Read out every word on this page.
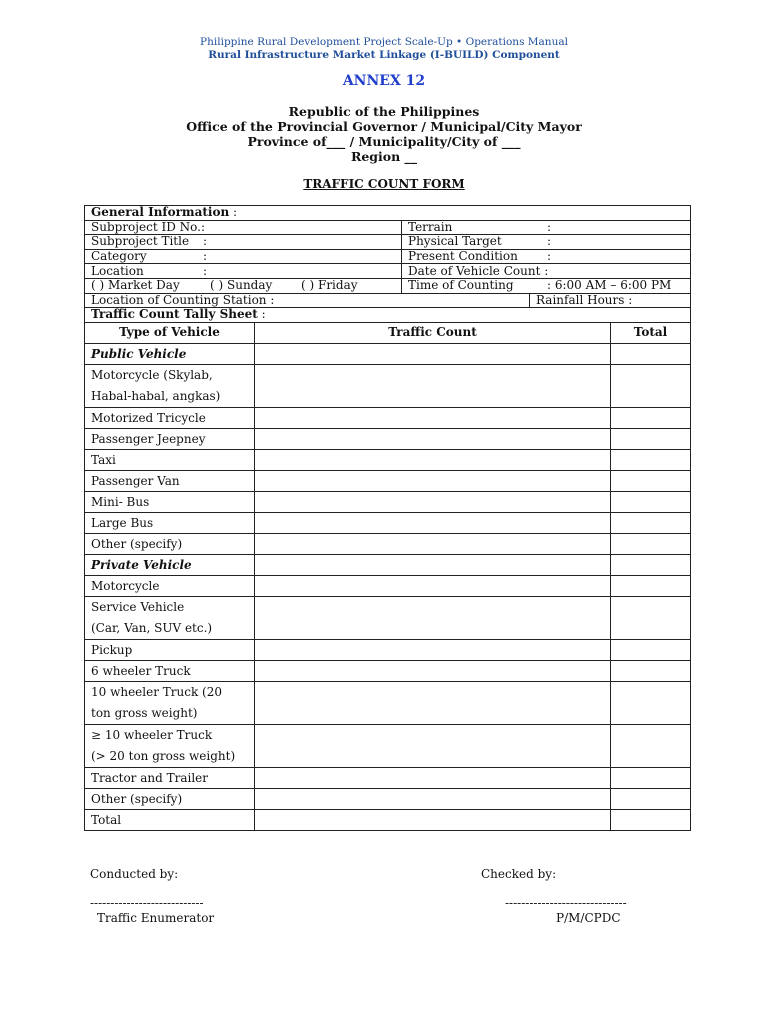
Philippine Rural Development Project Scale-Up • Operations Manual
Rural Infrastructure Market Linkage (I-BUILD) Component
ANNEX 12
Republic of the Philippines
Office of the Provincial Governor / Municipal/City Mayor
Province of___ / Municipality/City of ___
Region __
TRAFFIC COUNT FORM
General Information :		
Subproject ID No.:	Terrain :	
Subproject Title :	Physical Target :	
Category :	Present Condition :	
Location :	Date of Vehicle Count :	
( ) Market Day ( ) Sunday ( ) Friday	Time of Counting : 6:00 AM – 6:00 PM	
Location of Counting Station :		Rainfall Hours :
Traffic Count Tally Sheet :		
Type of Vehicle	Traffic Count	Total
Public Vehicle		

Motorcycle (Skylab,
Habal-habal, angkas)		

Motorized Tricycle		

Passenger Jeepney		

Taxi		

Passenger Van		

Mini- Bus		

Large Bus		

Other (specify)		

Private Vehicle		

Motorcycle		

Service Vehicle
(Car, Van, SUV etc.)		

Pickup		

6 wheeler Truck		

10 wheeler Truck (20
ton gross weight)		

≥ 10 wheeler Truck
(> 20 ton gross weight)		

Tractor and Trailer		

Other (specify)		

Total		
Conducted by:	Checked by:
----------------------------	------------------------------
Traffic Enumerator	P/M/CPDC
